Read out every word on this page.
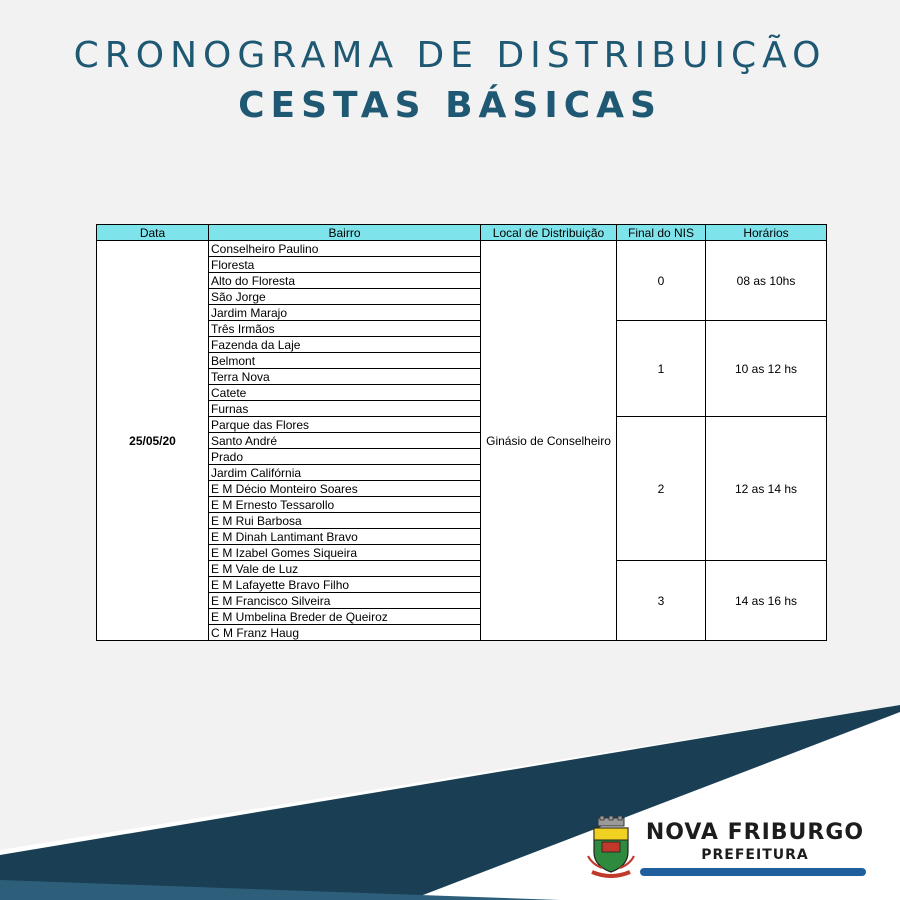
CRONOGRAMA DE DISTRIBUIÇÃO
CESTAS BÁSICAS
Data	Bairro	Local de Distribuição	Final do NIS	Horários
25/05/20	Conselheiro Paulino	Ginásio de Conselheiro	0	08 as 10hs
	Floresta			
	Alto do Floresta			
	São Jorge			
	Jardim Marajo			
	Três Irmãos		1	10 as 12 hs
	Fazenda da Laje			
	Belmont			
	Terra Nova			
	Catete			
	Furnas			
	Parque das Flores		2	12 as 14 hs
	Santo André			
	Prado			
	Jardim Califórnia			
	E M Décio Monteiro Soares			
	E M Ernesto Tessarollo			
	E M Rui Barbosa			
	E M Dinah Lantimant Bravo			
	E M Izabel Gomes Siqueira			
	E M Vale de Luz		3	14 as 16 hs
	E M Lafayette Bravo Filho			
	E M Francisco Silveira			
	E M Umbelina Breder de Queiroz			
	C M Franz Haug			
NOVA FRIBURGO
PREFEITURA
